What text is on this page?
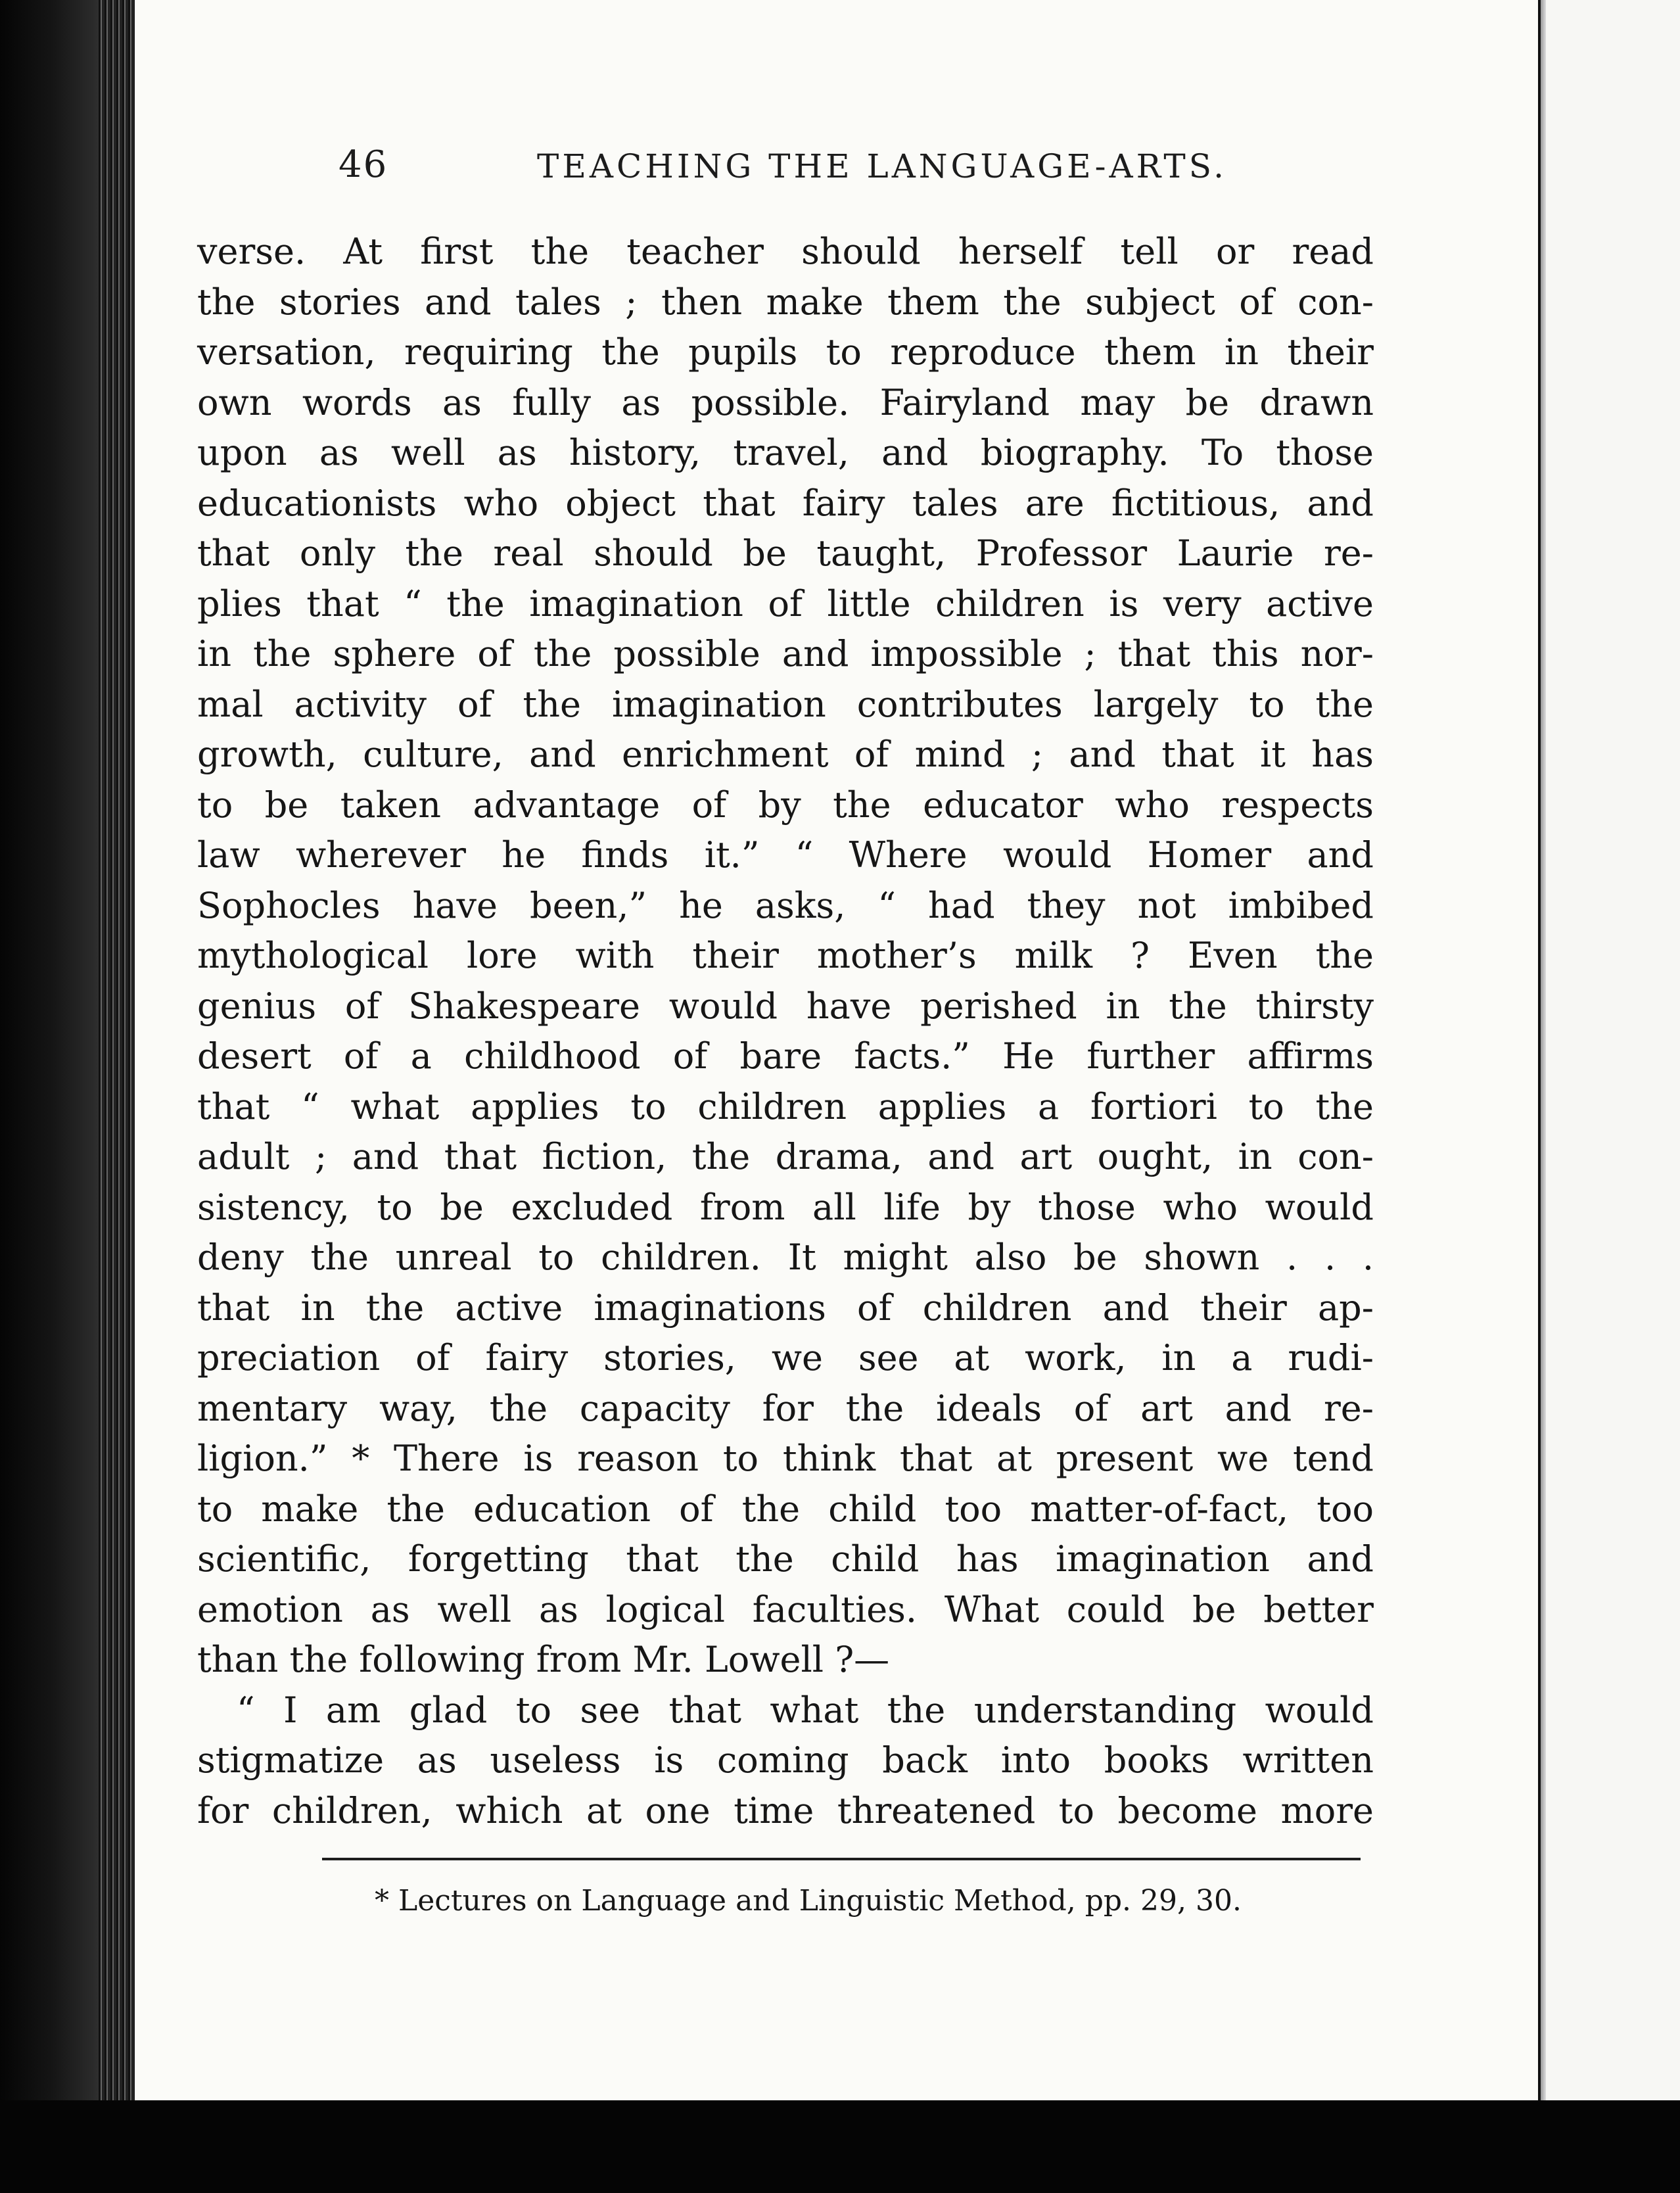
46	TEACHING THE LANGUAGE-ARTS.
verse. At first the teacher should herself tell or read
the stories and tales ; then make them the subject of con-
versation, requiring the pupils to reproduce them in their
own words as fully as possible. Fairyland may be drawn
upon as well as history, travel, and biography. To those
educationists who object that fairy tales are fictitious, and
that only the real should be taught, Professor Laurie re-
plies that “ the imagination of little children is very active
in the sphere of the possible and impossible ; that this nor-
mal activity of the imagination contributes largely to the
growth, culture, and enrichment of mind ; and that it has
to be taken advantage of by the educator who respects
law wherever he finds it.” “ Where would Homer and
Sophocles have been,” he asks, “ had they not imbibed
mythological lore with their mother’s milk ? Even the
genius of Shakespeare would have perished in the thirsty
desert of a childhood of bare facts.” He further affirms
that “ what applies to children applies a fortiori to the
adult ; and that fiction, the drama, and art ought, in con-
sistency, to be excluded from all life by those who would
deny the unreal to children. It might also be shown . . .
that in the active imaginations of children and their ap-
preciation of fairy stories, we see at work, in a rudi-
mentary way, the capacity for the ideals of art and re-
ligion.” * There is reason to think that at present we tend
to make the education of the child too matter-of-fact, too
scientific, forgetting that the child has imagination and
emotion as well as logical faculties. What could be better
than the following from Mr. Lowell ?—
“ I am glad to see that what the understanding would
stigmatize as useless is coming back into books written
for children, which at one time threatened to become more
* Lectures on Language and Linguistic Method, pp. 29, 30.
